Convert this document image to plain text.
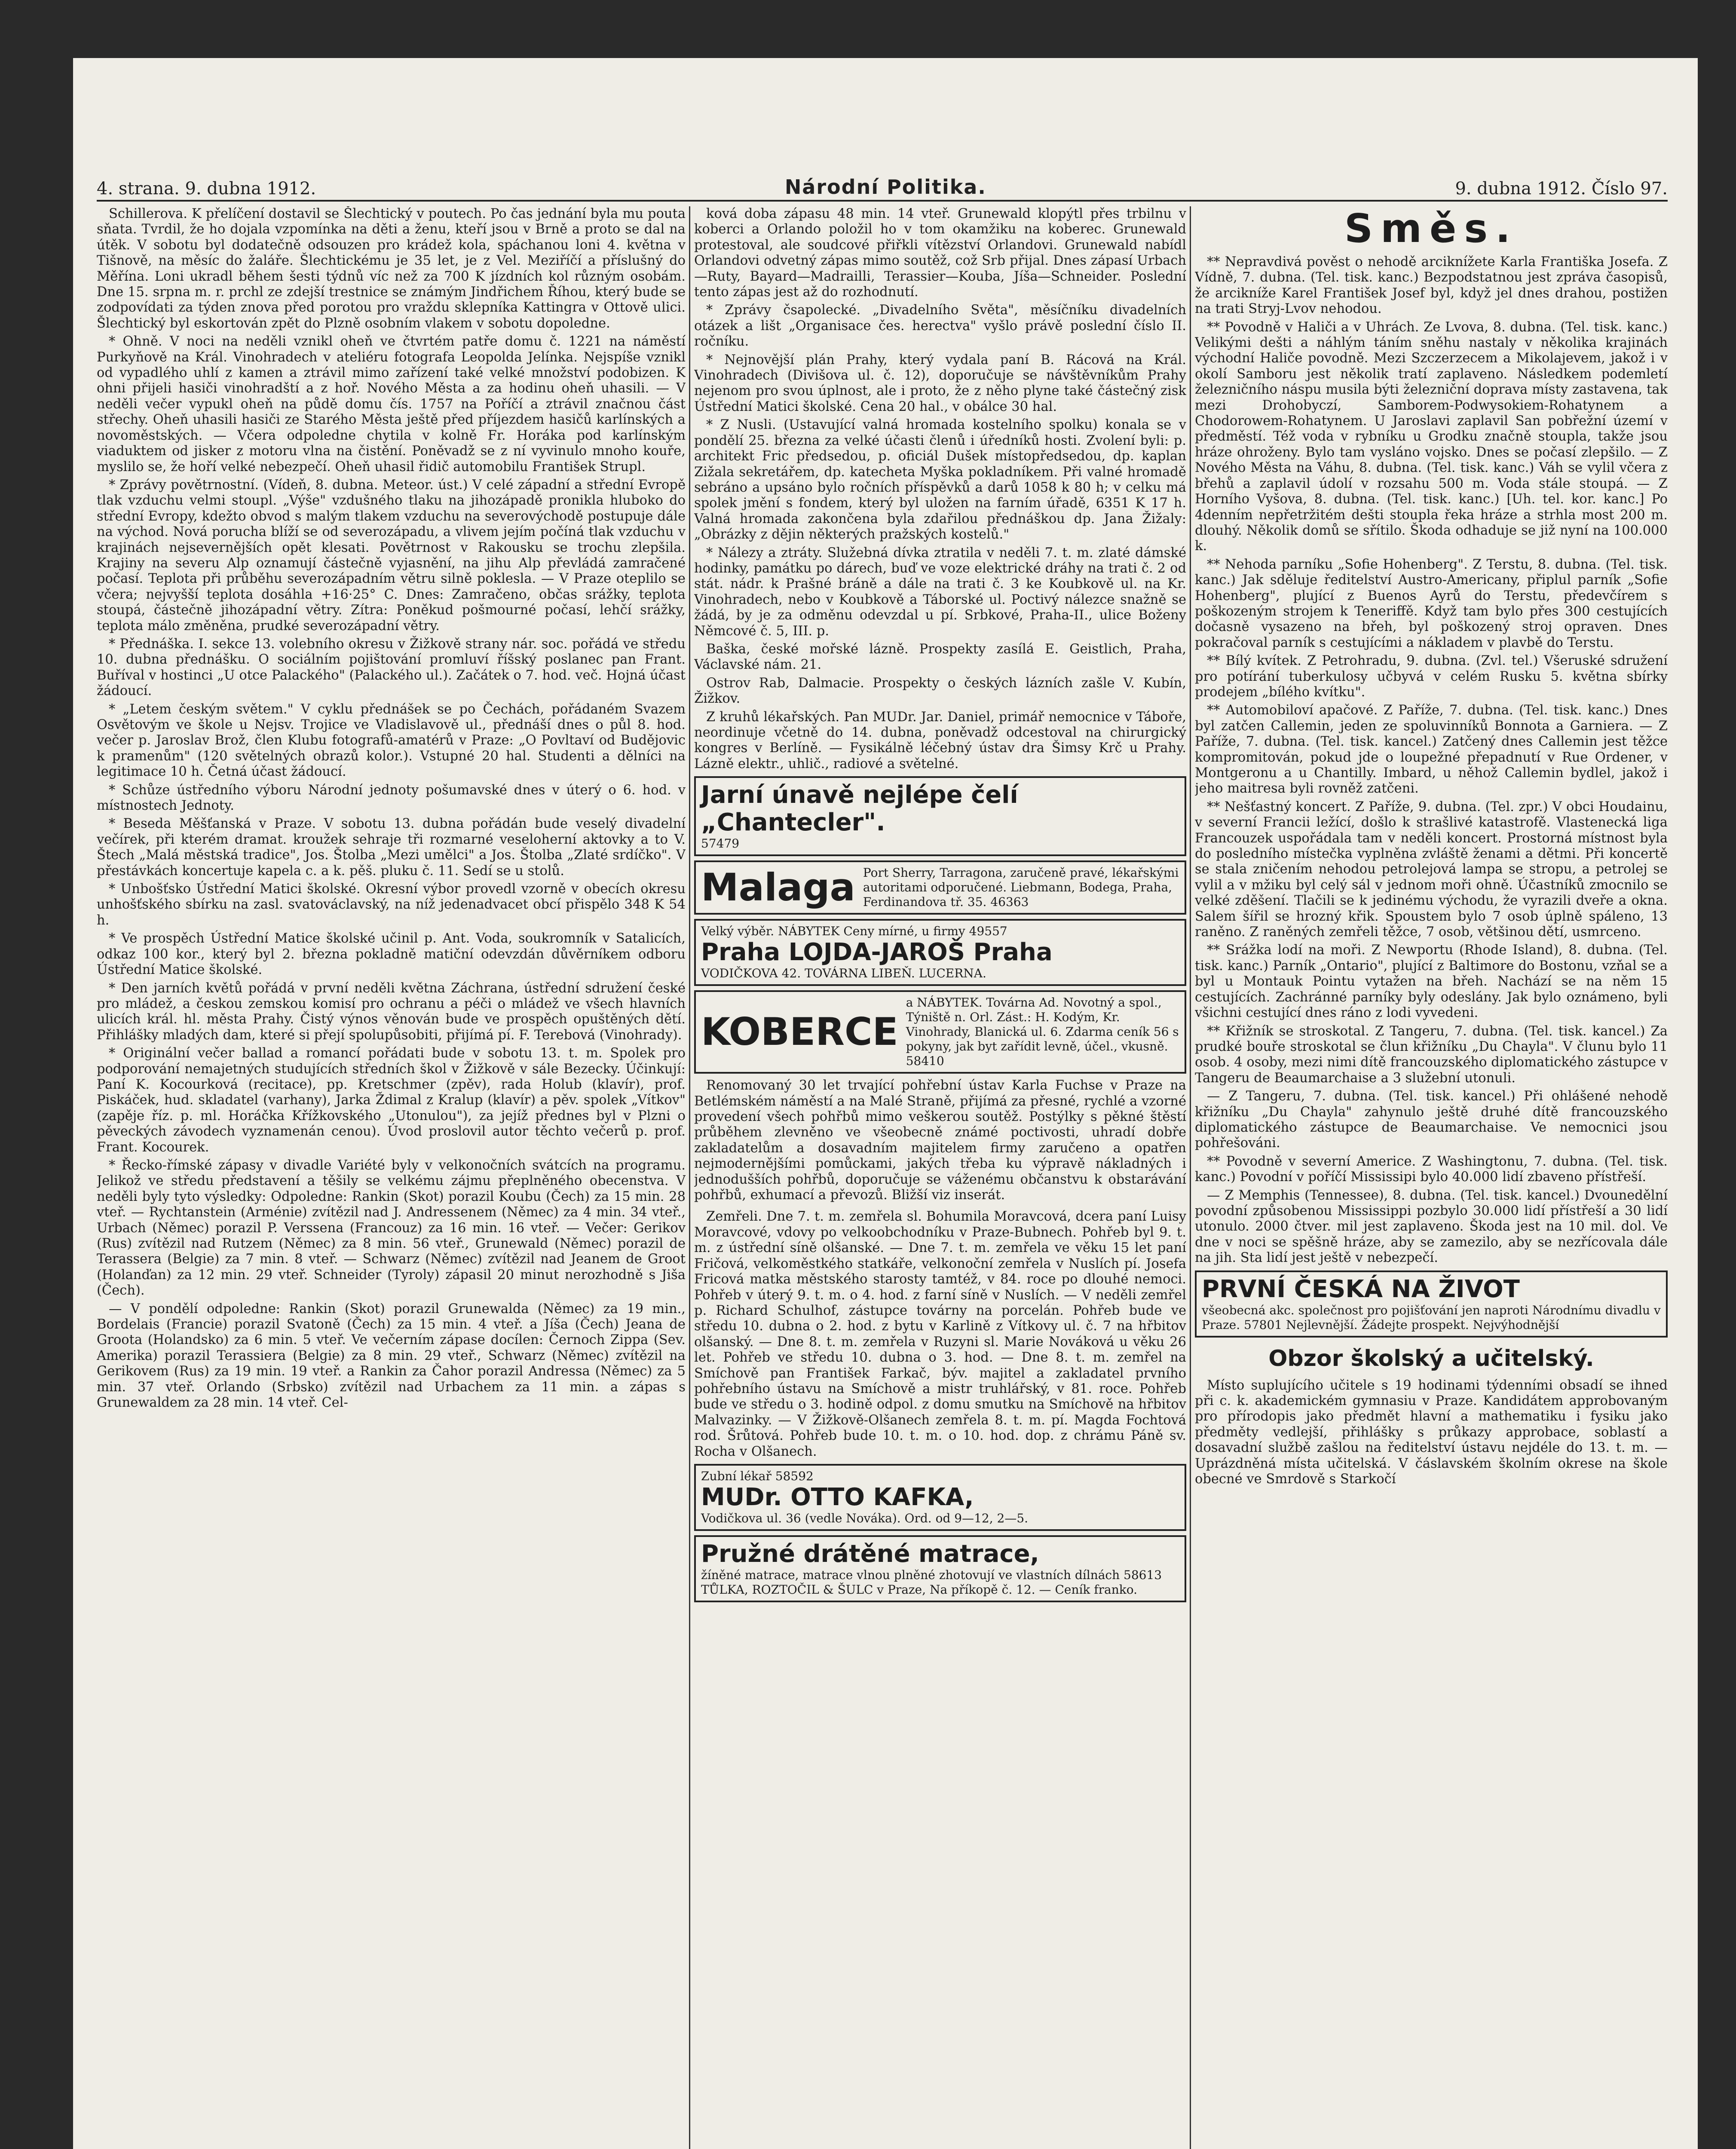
4. strana. 9. dubna 1912.	Národní Politika.	9. dubna 1912. Číslo 97.

Schillerova. K přelíčení dostavil se Šlechtický v poutech. Po čas jednání byla mu pouta sňata. Tvrdil, že ho dojala vzpomínka na děti a ženu, kteří jsou v Brně a proto se dal na útěk. V sobotu byl dodatečně odsouzen pro krádež kola, spáchanou loni 4. května v Tišnově, na měsíc do žaláře. Šlechtickému je 35 let, je z Vel. Meziříčí a příslušný do Měřína. Loni ukradl během šesti týdnů víc než za 700 K jízdních kol různým osobám. Dne 15. srpna m. r. prchl ze zdejší trestnice se známým Jindřichem Říhou, který bude se zodpovídati za týden znova před porotou pro vraždu sklepníka Kattingra v Ottově ulici. Šlechtický byl eskortován zpět do Plzně osobním vlakem v sobotu dopoledne.

* Ohně. V noci na neděli vznikl oheň ve čtvrtém patře domu č. 1221 na náměstí Purkyňově na Král. Vinohradech v ateliéru fotografa Leopolda Jelínka. Nejspíše vznikl od vypadlého uhlí z kamen a ztrávil mimo zařízení také velké množství podobizen. K ohni přijeli hasiči vinohradští a z hoř. Nového Města a za hodinu oheň uhasili. — V neděli večer vypukl oheň na půdě domu čís. 1757 na Poříčí a ztrávil značnou část střechy. Oheň uhasili hasiči ze Starého Města ještě před příjezdem hasičů karlínských a novoměstských. — Včera odpoledne chytila v kolně Fr. Horáka pod karlínským viaduktem od jisker z motoru vlna na čistění. Poněvadž se z ní vyvinulo mnoho kouře, myslilo se, že hoří velké nebezpečí. Oheň uhasil řidič automobilu František Strupl.

* Zprávy povětrnostní. (Vídeň, 8. dubna. Meteor. úst.) V celé západní a střední Evropě tlak vzduchu velmi stoupl. „Výše" vzdušného tlaku na jihozápadě pronikla hluboko do střední Evropy, kdežto obvod s malým tlakem vzduchu na severovýchodě postupuje dále na východ. Nová porucha blíží se od severozápadu, a vlivem jejím počíná tlak vzduchu v krajinách nejsevernějších opět klesati. Povětrnost v Rakousku se trochu zlepšila. Krajiny na severu Alp oznamují částečně vyjasnění, na jihu Alp převládá zamračené počasí. Teplota při průběhu severozápadním větru silně poklesla. — V Praze oteplilo se včera; nejvyšší teplota dosáhla +16·25° C. Dnes: Zamračeno, občas srážky, teplota stoupá, částečně jihozápadní větry. Zítra: Poněkud pošmourné počasí, lehčí srážky, teplota málo změněna, prudké severozápadní větry.

* Přednáška. I. sekce 13. volebního okresu v Žižkově strany nár. soc. pořádá ve středu 10. dubna přednášku. O sociálním pojištování promluví říšský poslanec pan Frant. Buříval v hostinci „U otce Palackého" (Palackého ul.). Začátek o 7. hod. več. Hojná účast žádoucí.

* „Letem českým světem." V cyklu přednášek se po Čechách, pořádaném Svazem Osvětovým ve škole u Nejsv. Trojice ve Vladislavově ul., přednáší dnes o půl 8. hod. večer p. Jaroslav Brož, člen Klubu fotografů-amatérů v Praze: „O Povltaví od Budějovic k pramenům" (120 světelných obrazů kolor.). Vstupné 20 hal. Studenti a dělníci na legitimace 10 h. Četná účast žádoucí.

* Schůze ústředního výboru Národní jednoty pošumavské dnes v úterý o 6. hod. v místnostech Jednoty.

* Beseda Měšťanská v Praze. V sobotu 13. dubna pořádán bude veselý divadelní večírek, při kterém dramat. kroužek sehraje tři rozmarné veseloherní aktovky a to V. Štech „Malá městská tradice", Jos. Štolba „Mezi umělci" a Jos. Štolba „Zlaté srdíčko". V přestávkách koncertuje kapela c. a k. pěš. pluku č. 11. Sedí se u stolů.

* Unbošťsko Ústřední Matici školské. Okresní výbor provedl vzorně v obecích okresu unhošťského sbírku na zasl. svatováclavský, na níž jedenadvacet obcí přispělo 348 K 54 h.

* Ve prospěch Ústřední Matice školské učinil p. Ant. Voda, soukromník v Satalicích, odkaz 100 kor., který byl 2. března pokladně matiční odevzdán důvěrníkem odboru Ústřední Matice školské.

* Den jarních květů pořádá v první neděli května Záchrana, ústřední sdružení české pro mládež, a českou zemskou komisí pro ochranu a péči o mládež ve všech hlavních ulicích král. hl. města Prahy. Čistý výnos věnován bude ve prospěch opuštěných dětí. Přihlášky mladých dam, které si přejí spolupůsobiti, přijímá pí. F. Terebová (Vinohrady).

* Originální večer ballad a romancí pořádati bude v sobotu 13. t. m. Spolek pro podporování nemajetných studujících středních škol v Žižkově v sále Bezecky. Účinkují: Paní K. Kocourková (recitace), pp. Kretschmer (zpěv), rada Holub (klavír), prof. Piskáček, hud. skladatel (varhany), Jarka Ždimal z Kralup (klavír) a pěv. spolek „Vítkov" (zapěje říz. p. ml. Horáčka Křížkovského „Utonulou"), za jejíž přednes byl v Plzni o pěveckých závodech vyznamenán cenou). Úvod proslovil autor těchto večerů p. prof. Frant. Kocourek.

* Řecko-římské zápasy v divadle Variété byly v velkonočních svátcích na programu. Jelikož ve středu představení a těšily se velkému zájmu přeplněného obecenstva. V neděli byly tyto výsledky: Odpoledne: Rankin (Skot) porazil Koubu (Čech) za 15 min. 28 vteř. — Rychtanstein (Arménie) zvítězil nad J. Andressenem (Němec) za 4 min. 34 vteř., Urbach (Němec) porazil P. Verssena (Francouz) za 16 min. 16 vteř. — Večer: Gerikov (Rus) zvítězil nad Rutzem (Němec) za 8 min. 56 vteř., Grunewald (Němec) porazil de Terassera (Belgie) za 7 min. 8 vteř. — Schwarz (Němec) zvítězil nad Jeanem de Groot (Holanďan) za 12 min. 29 vteř. Schneider (Tyroly) zápasil 20 minut nerozhodně s Jiša (Čech).

— V pondělí odpoledne: Rankin (Skot) porazil Grunewalda (Němec) za 19 min., Bordelais (Francie) porazil Svatoně (Čech) za 15 min. 4 vteř. a Jíša (Čech) Jeana de Groota (Holandsko) za 6 min. 5 vteř. Ve večerním zápase docílen: Černoch Zippa (Sev. Amerika) porazil Terassiera (Belgie) za 8 min. 29 vteř., Schwarz (Němec) zvítězil na Gerikovem (Rus) za 19 min. 19 vteř. a Rankin za Čahor porazil Andressa (Němec) za 5 min. 37 vteř. Orlando (Srbsko) zvítězil nad Urbachem za 11 min. a zápas s Grunewaldem za 28 min. 14 vteř. Cel-

ková doba zápasu 48 min. 14 vteř. Grunewald klopýtl přes trbilnu v koberci a Orlando položil ho v tom okamžiku na koberec. Grunewald protestoval, ale soudcové přiřkli vítězství Orlandovi. Grunewald nabídl Orlandovi odvetný zápas mimo soutěž, což Srb přijal. Dnes zápasí Urbach—Ruty, Bayard—Madrailli, Terassier—Kouba, Jíša—Schneider. Poslední tento zápas jest až do rozhodnutí.

* Zprávy čsapolecké. „Divadelního Světa", měsíčníku divadelních otázek a lišt „Organisace čes. herectva" vyšlo právě poslední číslo II. ročníku.

* Nejnovější plán Prahy, který vydala paní B. Rácová na Král. Vinohradech (Divišova ul. č. 12), doporučuje se návštěvníkům Prahy nejenom pro svou úplnost, ale i proto, že z něho plyne také částečný zisk Ústřední Matici školské. Cena 20 hal., v obálce 30 hal.

* Z Nusli. (Ustavující valná hromada kostelního spolku) konala se v pondělí 25. března za velké účasti členů i úředníků hosti. Zvolení byli: p. architekt Fric předsedou, p. oficiál Dušek místopředsedou, dp. kaplan Zižala sekretářem, dp. katecheta Myška pokladníkem. Při valné hromadě sebráno a upsáno bylo ročních příspěvků a darů 1058 k 80 h; v celku má spolek jmění s fondem, který byl uložen na farním úřadě, 6351 K 17 h. Valná hromada zakončena byla zdařilou přednáškou dp. Jana Žižaly: „Obrázky z dějin některých pražských kostelů."

* Nálezy a ztráty. Služebná dívka ztratila v neděli 7. t. m. zlaté dámské hodinky, památku po dárech, buď ve voze elektrické dráhy na trati č. 2 od stát. nádr. k Prašné bráně a dále na trati č. 3 ke Koubkově ul. na Kr. Vinohradech, nebo v Koubkově a Táborské ul. Poctivý nálezce snažně se žádá, by je za odměnu odevzdal u pí. Srbkové, Praha-II., ulice Boženy Němcové č. 5, III. p.

Baška, české mořské lázně. Prospekty zasílá E. Geistlich, Praha, Václavské nám. 21.

Ostrov Rab, Dalmacie. Prospekty o českých lázních zašle V. Kubín, Žižkov.

Z kruhů lékařských. Pan MUDr. Jar. Daniel, primář nemocnice v Táboře, neordinuje včetně do 14. dubna, poněvadž odcestoval na chirurgický kongres v Berlíně. — Fysikálně léčebný ústav dra Šimsy Krč u Prahy. Lázně elektr., uhlič., radiové a světelné.

Jarní únavě nejlépe čelí „Chantecler".
57479
Malaga Port Sherry, Tarragona, zaručeně pravé, lékařskými autoritami odporučené. Liebmann, Bodega, Praha, Ferdinandova tř. 35. 46363
Velký výběr. NÁBYTEK Ceny mírné, u firmy 49557
Praha LOJDA-JAROŠ Praha
VODIČKOVA 42. TOVÁRNA LIBEŇ. LUCERNA.
KOBERCE
a NÁBYTEK. Továrna Ad. Novotný a spol., Týniště n. Orl. Zást.: H. Kodým, Kr. Vinohrady, Blanická ul. 6. Zdarma ceník 56 s pokyny, jak byt zařídit levně, účel., vkusně. 58410

Renomovaný 30 let trvající pohřební ústav Karla Fuchse v Praze na Betlémském náměstí a na Malé Straně, přijímá za přesné, rychlé a vzorné provedení všech pohřbů mimo veškerou soutěž. Postýlky s pěkné štěstí průběhem zlevněno ve všeobecně známé poctivosti, uhradí dobře zakladatelům a dosavadním majitelem firmy zaručeno a opatřen nejmodernějšími pomůckami, jakých třeba ku výpravě nákladných i jednodušších pohřbů, doporučuje se váženému občanstvu k obstarávání pohřbů, exhumací a převozů. Bližší viz inserát.

Zemřeli. Dne 7. t. m. zemřela sl. Bohumila Moravcová, dcera paní Luisy Moravcové, vdovy po velkoobchodníku v Praze-Bubnech. Pohřeb byl 9. t. m. z ústřední síně olšanské. — Dne 7. t. m. zemřela ve věku 15 let paní Fričová, velkoměstkého statkáře, velkonoční zemřela v Nuslích pí. Josefa Fricová matka městského starosty tamtéž, v 84. roce po dlouhé nemoci. Pohřeb v úterý 9. t. m. o 4. hod. z farní síně v Nuslích. — V neděli zemřel p. Richard Schulhof, zástupce továrny na porcelán. Pohřeb bude ve středu 10. dubna o 2. hod. z bytu v Karlině z Vítkovy ul. č. 7 na hřbitov olšanský. — Dne 8. t. m. zemřela v Ruzyni sl. Marie Nováková u věku 26 let. Pohřeb ve středu 10. dubna o 3. hod. — Dne 8. t. m. zemřel na Smíchově pan František Farkač, býv. majitel a zakladatel prvního pohřebního ústavu na Smíchově a mistr truhlářský, v 81. roce. Pohřeb bude ve středu o 3. hodině odpol. z domu smutku na Smíchově na hřbitov Malvazinky. — V Žižkově-Olšanech zemřela 8. t. m. pí. Magda Fochtová rod. Šrůtová. Pohřeb bude 10. t. m. o 10. hod. dop. z chrámu Páně sv. Rocha v Olšanech.

Zubní lékař 58592
MUDr. OTTO KAFKA,
Vodičkova ul. 36 (vedle Nováka). Ord. od 9—12, 2—5.
Pružné drátěné matrace,
žíněné matrace, matrace vlnou plněné zhotovují ve vlastních dílnách 58613 TŮLKA, ROZTOČIL & ŠULC v Praze, Na příkopě č. 12. — Ceník franko.
Směs.

** Nepravdivá pověst o nehodě arciknížete Karla Františka Josefa. Z Vídně, 7. dubna. (Tel. tisk. kanc.) Bezpodstatnou jest zpráva časopisů, že arcikníže Karel František Josef byl, když jel dnes drahou, postižen na trati Stryj-Lvov nehodou.

** Povodně v Haliči a v Uhrách. Ze Lvova, 8. dubna. (Tel. tisk. kanc.) Velikými dešti a náhlým táním sněhu nastaly v několika krajinách východní Haliče povodně. Mezi Szczerzecem a Mikolajevem, jakož i v okolí Samboru jest několik tratí zaplaveno. Následkem podemletí železničního náspu musila býti železniční doprava místy zastavena, tak mezi Drohobyczí, Samborem-Podwysokiem-Rohatynem a Chodorowem-Rohatynem. U Jaroslavi zaplavil San pobřežní území v předměstí. Též voda v rybníku u Grodku značně stoupla, takže jsou hráze ohroženy. Bylo tam vysláno vojsko. Dnes se počasí zlepšilo. — Z Nového Města na Váhu, 8. dubna. (Tel. tisk. kanc.) Váh se vylil včera z břehů a zaplavil údolí v rozsahu 500 m. Voda stále stoupá. — Z Horního Vyšova, 8. dubna. (Tel. tisk. kanc.) [Uh. tel. kor. kanc.] Po 4denním nepřetržitém dešti stoupla řeka hráze a strhla most 200 m. dlouhý. Několik domů se sřítilo. Škoda odhaduje se již nyní na 100.000 k.

** Nehoda parníku „Sofie Hohenberg". Z Terstu, 8. dubna. (Tel. tisk. kanc.) Jak sděluje ředitelství Austro-Americany, připlul parník „Sofie Hohenberg", plující z Buenos Ayrů do Terstu, předevčírem s poškozeným strojem k Teneriffě. Když tam bylo přes 300 cestujících dočasně vysazeno na břeh, byl poškozený stroj opraven. Dnes pokračoval parník s cestujícími a nákladem v plavbě do Terstu.

** Bílý kvítek. Z Petrohradu, 9. dubna. (Zvl. tel.) Všeruské sdružení pro potírání tuberkulosy učbyvá v celém Rusku 5. května sbírky prodejem „bílého kvítku".

** Automobiloví apačové. Z Paříže, 7. dubna. (Tel. tisk. kanc.) Dnes byl zatčen Callemin, jeden ze spoluvinníků Bonnota a Garniera. — Z Paříže, 7. dubna. (Tel. tisk. kancel.) Zatčený dnes Callemin jest těžce kompromitován, pokud jde o loupežné přepadnutí v Rue Ordener, v Montgeronu a u Chantilly. Imbard, u něhož Callemin bydlel, jakož i jeho maitresa byli rovněž zatčeni.

** Nešťastný koncert. Z Paříže, 9. dubna. (Tel. zpr.) V obci Houdainu, v severní Francii ležící, došlo k strašlivé katastrofě. Vlastenecká liga Francouzek uspořádala tam v neděli koncert. Prostorná místnost byla do posledního místečka vyplněna zvláště ženami a dětmi. Při koncertě se stala zničením nehodou petrolejová lampa se stropu, a petrolej se vylil a v mžiku byl celý sál v jednom moři ohně. Účastníků zmocnilo se velké zděšení. Tlačili se k jedinému východu, že vyrazili dveře a okna. Salem šířil se hrozný křik. Spoustem bylo 7 osob úplně spáleno, 13 raněno. Z raněných zemřeli těžce, 7 osob, většinou dětí, usmrceno.

** Srážka lodí na moři. Z Newportu (Rhode Island), 8. dubna. (Tel. tisk. kanc.) Parník „Ontario", plující z Baltimore do Bostonu, vzňal se a byl u Montauk Pointu vytažen na břeh. Nachází se na něm 15 cestujících. Zachránné parníky byly odeslány. Jak bylo oznámeno, byli všichni cestující dnes ráno z lodi vyvedeni.

** Křižník se stroskotal. Z Tangeru, 7. dubna. (Tel. tisk. kancel.) Za prudké bouře stroskotal se člun křižníku „Du Chayla". V člunu bylo 11 osob. 4 osoby, mezi nimi dítě francouzského diplomatického zástupce v Tangeru de Beaumarchaise a 3 služební utonuli.

— Z Tangeru, 7. dubna. (Tel. tisk. kancel.) Při ohlášené nehodě křižníku „Du Chayla" zahynulo ještě druhé dítě francouzského diplomatického zástupce de Beaumarchaise. Ve nemocnici jsou pohřešováni.

** Povodně v severní Americe. Z Washingtonu, 7. dubna. (Tel. tisk. kanc.) Povodní v poříčí Mississipi bylo 40.000 lidí zbaveno přístřeší.

— Z Memphis (Tennessee), 8. dubna. (Tel. tisk. kancel.) Dvounedělní povodní způsobenou Mississippi pozbylo 30.000 lidí přístřeší a 30 lidí utonulo. 2000 čtver. mil jest zaplaveno. Škoda jest na 10 mil. dol. Ve dne v noci se spěšně hráze, aby se zamezilo, aby se nezřícovala dále na jih. Sta lidí jest ještě v nebezpečí.

PRVNÍ ČESKÁ NA ŽIVOT
všeobecná akc. společnost pro pojišťování jen naproti Národnímu divadlu v Praze. 57801 Nejlevnější. Žádejte prospekt. Nejvýhodnější
Obzor školský a učitelský.

Místo suplujícího učitele s 19 hodinami týdenními obsadí se ihned při c. k. akademickém gymnasiu v Praze. Kandidátem approbovaným pro přírodopis jako předmět hlavní a mathematiku i fysiku jako předměty vedlejší, přihlášky s průkazy approbace, soblastí a dosavadní službě zašlou na ředitelství ústavu nejdéle do 13. t. m. — Uprázdněná místa učitelská. V čáslavském školním okrese na škole obecné ve Smrdově s Starkočí
